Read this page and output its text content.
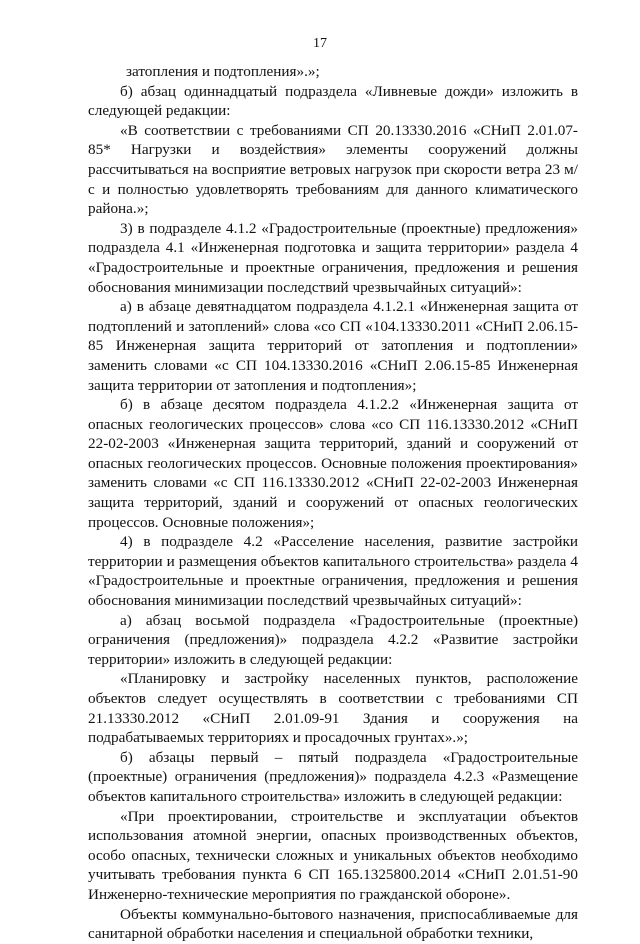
17

затопления и подтопления».»;

б) абзац одиннадцатый подраздела «Ливневые дожди» изложить в следующей редакции:

«В соответствии с требованиями СП 20.13330.2016 «СНиП 2.01.07-85* Нагрузки и воздействия» элементы сооружений должны рассчитываться на восприятие ветровых нагрузок при скорости ветра 23 м/с и полностью удовлетворять требованиям для данного климатического района.»;

3) в подразделе 4.1.2 «Градостроительные (проектные) предложения» подраздела 4.1 «Инженерная подготовка и защита территории» раздела 4 «Градостроительные и проектные ограничения, предложения и решения обоснования минимизации последствий чрезвычайных ситуаций»:

а) в абзаце девятнадцатом подраздела 4.1.2.1 «Инженерная защита от подтоплений и затоплений» слова «со СП «104.13330.2011 «СНиП 2.06.15-85 Инженерная защита территорий от затопления и подтоплении» заменить словами «с СП 104.13330.2016 «СНиП 2.06.15-85 Инженерная защита территории от затопления и подтопления»;

б) в абзаце десятом подраздела 4.1.2.2 «Инженерная защита от опасных геологических процессов» слова «со СП 116.13330.2012 «СНиП 22-02-2003 «Инженерная защита территорий, зданий и сооружений от опасных геологических процессов. Основные положения проектирования» заменить словами «с СП 116.13330.2012 «СНиП 22-02-2003 Инженерная защита территорий, зданий и сооружений от опасных геологических процессов. Основные положения»;

4) в подразделе 4.2 «Расселение населения, развитие застройки территории и размещения объектов капитального строительства» раздела 4 «Градостроительные и проектные ограничения, предложения и решения обоснования минимизации последствий чрезвычайных ситуаций»:

а) абзац восьмой подраздела «Градостроительные (проектные) ограничения (предложения)» подраздела 4.2.2 «Развитие застройки территории» изложить в следующей редакции:

«Планировку и застройку населенных пунктов, расположение объектов следует осуществлять в соответствии с требованиями СП 21.13330.2012 «СНиП 2.01.09-91 Здания и сооружения на подрабатываемых территориях и просадочных грунтах».»;

б) абзацы первый – пятый подраздела «Градостроительные (проектные) ограничения (предложения)» подраздела 4.2.3 «Размещение объектов капитального строительства» изложить в следующей редакции:

«При проектировании, строительстве и эксплуатации объектов использования атомной энергии, опасных производственных объектов, особо опасных, технически сложных и уникальных объектов необходимо учитывать требования пункта 6 СП 165.1325800.2014 «СНиП 2.01.51-90 Инженерно-технические мероприятия по гражданской обороне».

Объекты коммунально-бытового назначения, приспосабливаемые для санитарной обработки населения и специальной обработки техники,
